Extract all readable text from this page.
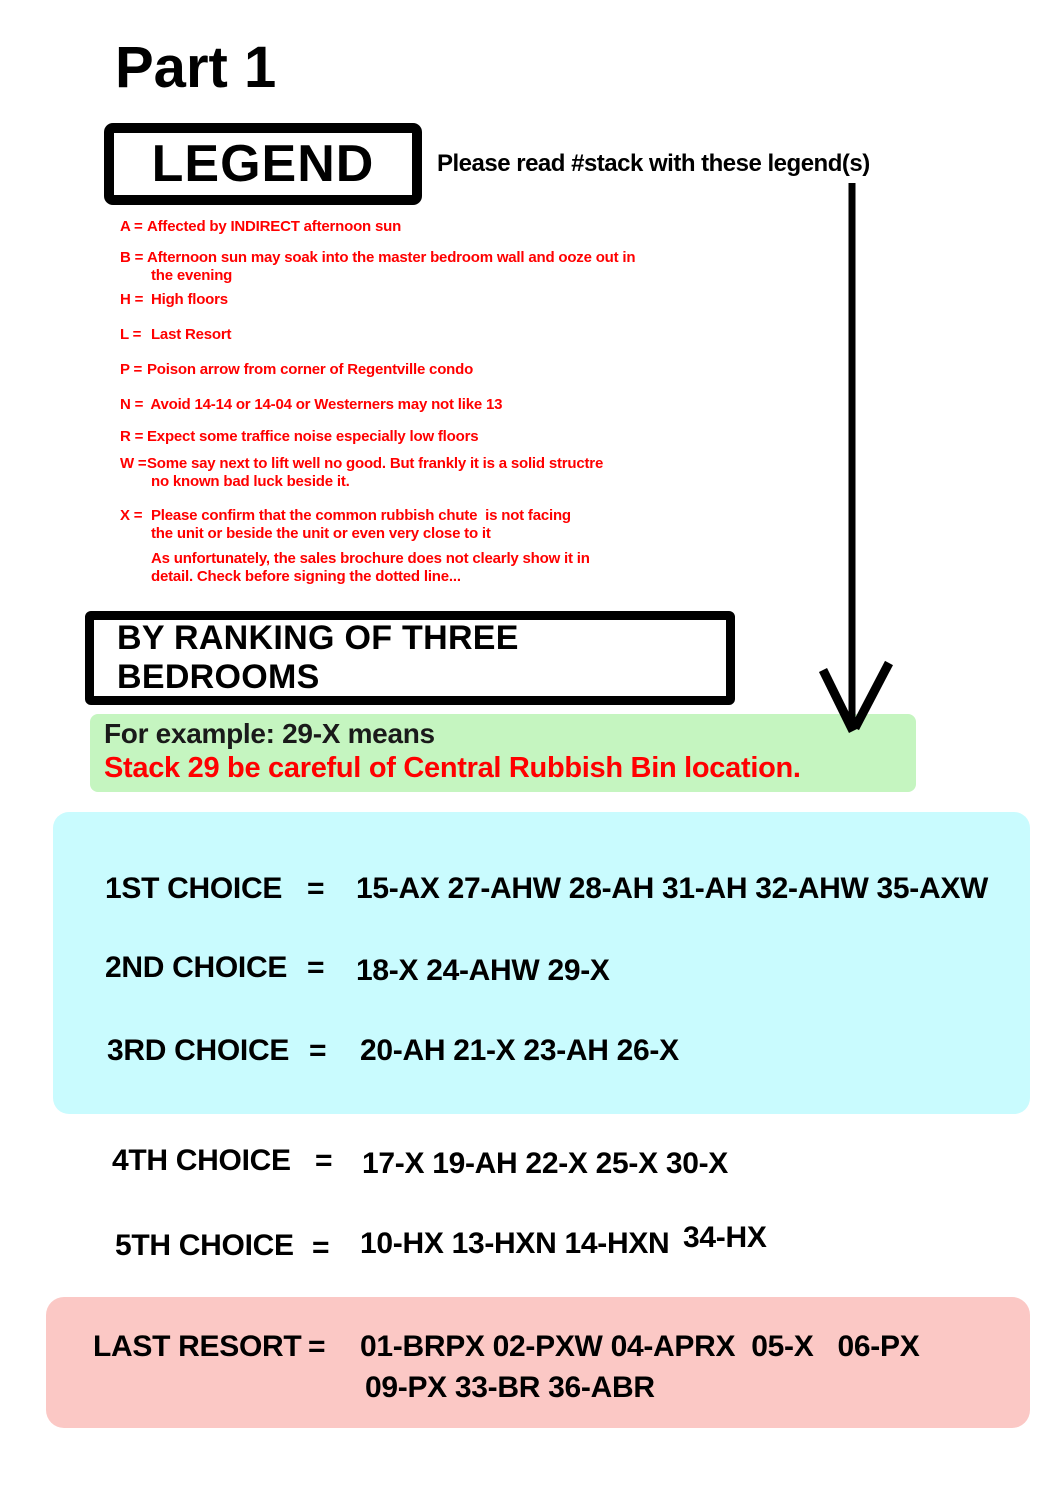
Part 1
LEGEND	Please read #stack with these legend(s)
A = Affected by INDIRECT afternoon sun
B = Afternoon sun may soak into the master bedroom wall and ooze out in
the evening
H = High floors
L = Last Resort
P = Poison arrow from corner of Regentville condo
N = Avoid 14-14 or 14-04 or Westerners may not like 13
R = Expect some traffice noise especially low floors
W =Some say next to lift well no good. But frankly it is a solid structre
no known bad luck beside it.
X = Please confirm that the common rubbish chute  is not facing
the unit or beside the unit or even very close to it
As unfortunately, the sales brochure does not clearly show it in
detail. Check before signing the dotted line...
BY RANKING OF THREE BEDROOMS
For example: 29-X means
Stack 29 be careful of Central Rubbish Bin location.
1ST CHOICE = 15-AX 27-AHW 28-AH 31-AH 32-AHW 35-AXW
2ND CHOICE = 18-X 24-AHW 29-X
3RD CHOICE = 20-AH 21-X 23-AH 26-X
4TH CHOICE = 17-X 19-AH 22-X 25-X 30-X
5TH CHOICE = 10-HX 13-HXN 14-HXN 34-HX
LAST RESORT = 01-BRPX 02-PXW 04-APRX  05-X   06-PX
09-PX 33-BR 36-ABR
